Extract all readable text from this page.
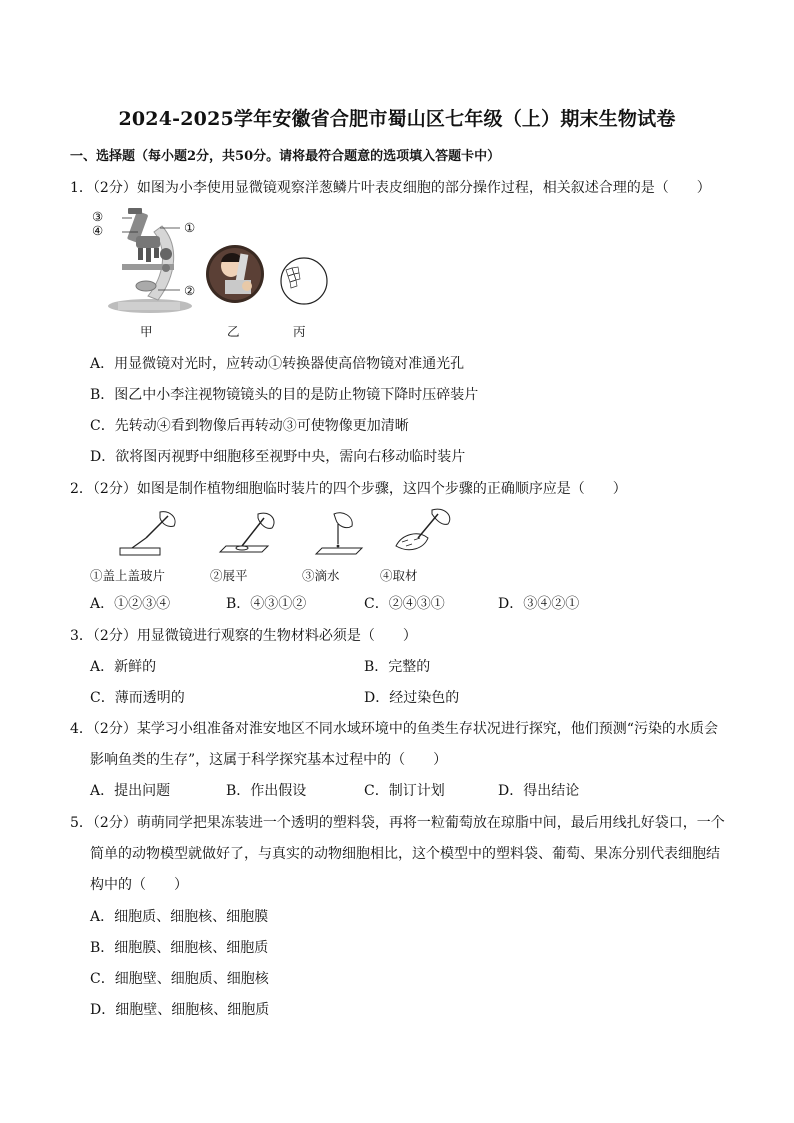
2024-2025学年安徽省合肥市蜀山区七年级（上）期末生物试卷
一、选择题（每小题2分，共50分。请将最符合题意的选项填入答题卡中）
1．（2分）如图为小李使用显微镜观察洋葱鳞片叶表皮细胞的部分操作过程，相关叙述合理的是（　　）
③
④	①
②
甲	乙	丙
A．用显微镜对光时，应转动①转换器使高倍物镜对准通光孔
B．图乙中小李注视物镜镜头的目的是防止物镜下降时压碎装片
C．先转动④看到物像后再转动③可使物像更加清晰
D．欲将图丙视野中细胞移至视野中央，需向右移动临时装片
2．（2分）如图是制作植物细胞临时装片的四个步骤，这四个步骤的正确顺序应是（　　）
①盖上盖玻片	②展平	③滴水	④取材
A．①②③④	B．④③①②	C．②④③①	D．③④②①
3．（2分）用显微镜进行观察的生物材料必须是（　　）
A．新鲜的	B．完整的
C．薄而透明的	D．经过染色的
4．（2分）某学习小组准备对淮安地区不同水域环境中的鱼类生存状况进行探究，他们预测“污染的水质会
影响鱼类的生存”，这属于科学探究基本过程中的（　　）
A．提出问题	B．作出假设	C．制订计划	D．得出结论
5．（2分）萌萌同学把果冻装进一个透明的塑料袋，再将一粒葡萄放在琼脂中间，最后用线扎好袋口，一个
简单的动物模型就做好了，与真实的动物细胞相比，这个模型中的塑料袋、葡萄、果冻分别代表细胞结
构中的（　　）
A．细胞质、细胞核、细胞膜
B．细胞膜、细胞核、细胞质
C．细胞壁、细胞质、细胞核
D．细胞壁、细胞核、细胞质
